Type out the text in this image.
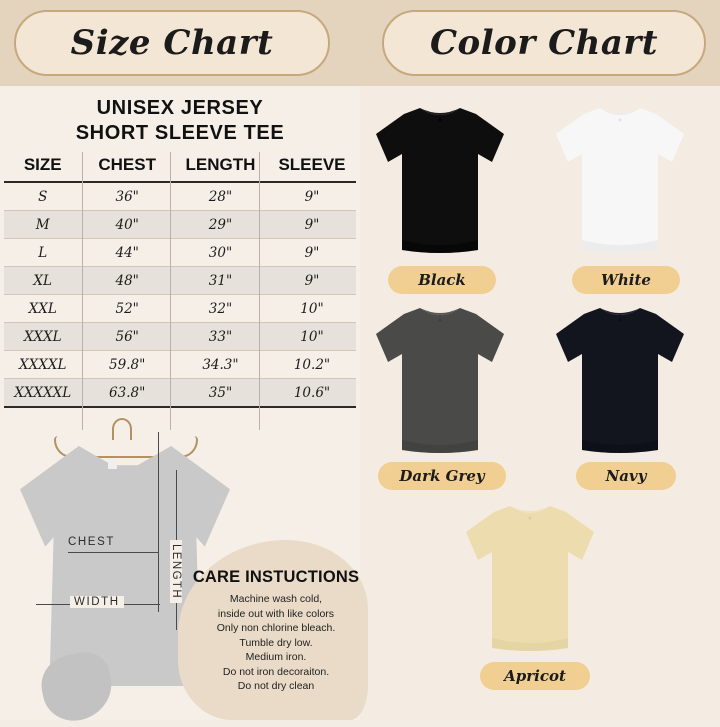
Size Chart	Color Chart
UNISEX JERSEY
SHORT SLEEVE TEE
SIZE	CHEST	LENGTH	SLEEVE
S	36"	28"	9"
M	40"	29"	9"
L	44"	30"	9"
XL	48"	31"	9"
XXL	52"	32"	10"
XXXL	56"	33"	10"
XXXXL	59.8"	34.3"	10.2"
XXXXXL	63.8"	35"	10.6"
CHEST
WIDTH
LENGTH CARE INSTUCTIONS
Machine wash cold,
inside out with like colors
Only non chlorine bleach.
Tumble dry low.
Medium iron.
Do not iron decoraiton.
Do not dry clean
Black	White
Dark Grey	Navy
Apricot
